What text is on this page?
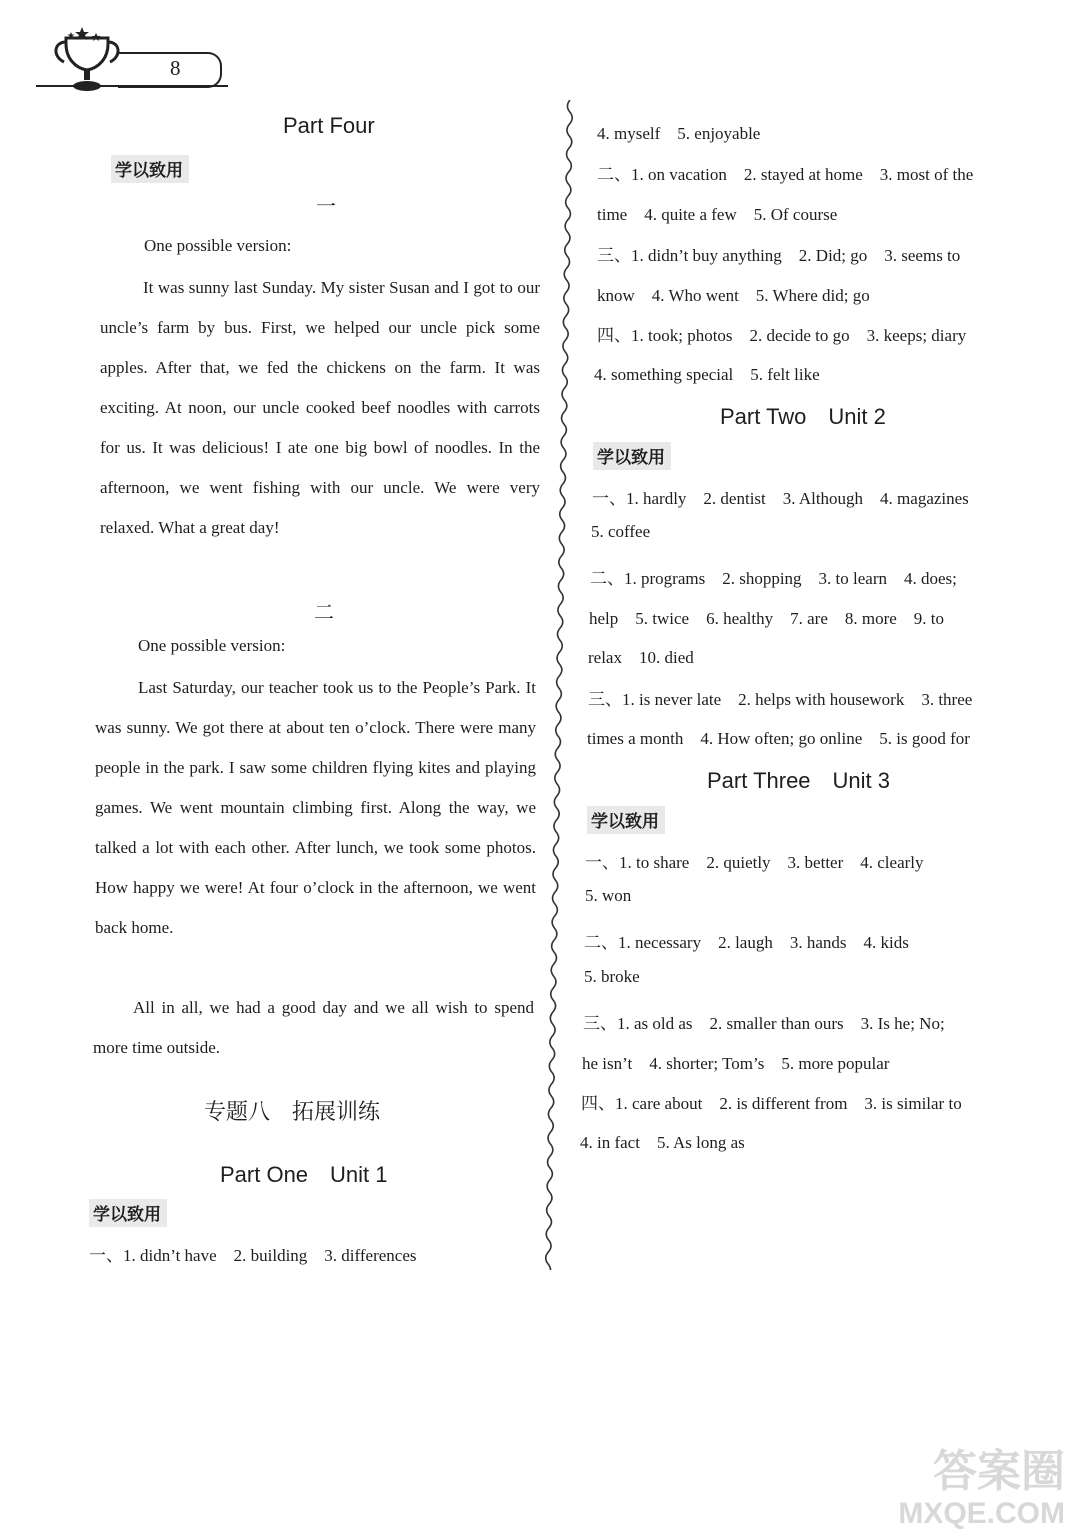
8
Part Four
学以致用
一
One possible version:

It was sunny last Sunday. My sister Susan and I got to our uncle’s farm by bus. First, we helped our uncle pick some apples. After that, we fed the chickens on the farm. It was exciting. At noon, our uncle cooked beef noodles with carrots for us. It was delicious! I ate one big bowl of noodles. In the afternoon, we went fishing with our uncle. We were very relaxed. What a great day!

二
One possible version:

Last Saturday, our teacher took us to the People’s Park. It was sunny. We got there at about ten o’clock. There were many people in the park. I saw some children flying kites and playing games. We went mountain climbing first. Along the way, we talked a lot with each other. After lunch, we took some photos. How happy we were! At four o’clock in the afternoon, we went back home.

All in all, we had a good day and we all wish to spend more time outside.

专题八　拓展训练
Part One　Unit 1
学以致用
一、1. didn’t have　2. building　3. differences
4. myself　5. enjoyable
二、1. on vacation　2. stayed at home　3. most of the
time　4. quite a few　5. Of course
三、1. didn’t buy anything　2. Did; go　3. seems to
know　4. Who went　5. Where did; go
四、1. took; photos　2. decide to go　3. keeps; diary
4. something special　5. felt like
Part Two　Unit 2
学以致用
一、1. hardly　2. dentist　3. Although　4. magazines
5. coffee
二、1. programs　2. shopping　3. to learn　4. does;
help　5. twice　6. healthy　7. are　8. more　9. to
relax　10. died
三、1. is never late　2. helps with housework　3. three
times a month　4. How often; go online　5. is good for
Part Three　Unit 3
学以致用
一、1. to share　2. quietly　3. better　4. clearly
5. won
二、1. necessary　2. laugh　3. hands　4. kids
5. broke
三、1. as old as　2. smaller than ours　3. Is he; No;
he isn’t　4. shorter; Tom’s　5. more popular
四、1. care about　2. is different from　3. is similar to
4. in fact　5. As long as
答案圈
MXQE.COM
